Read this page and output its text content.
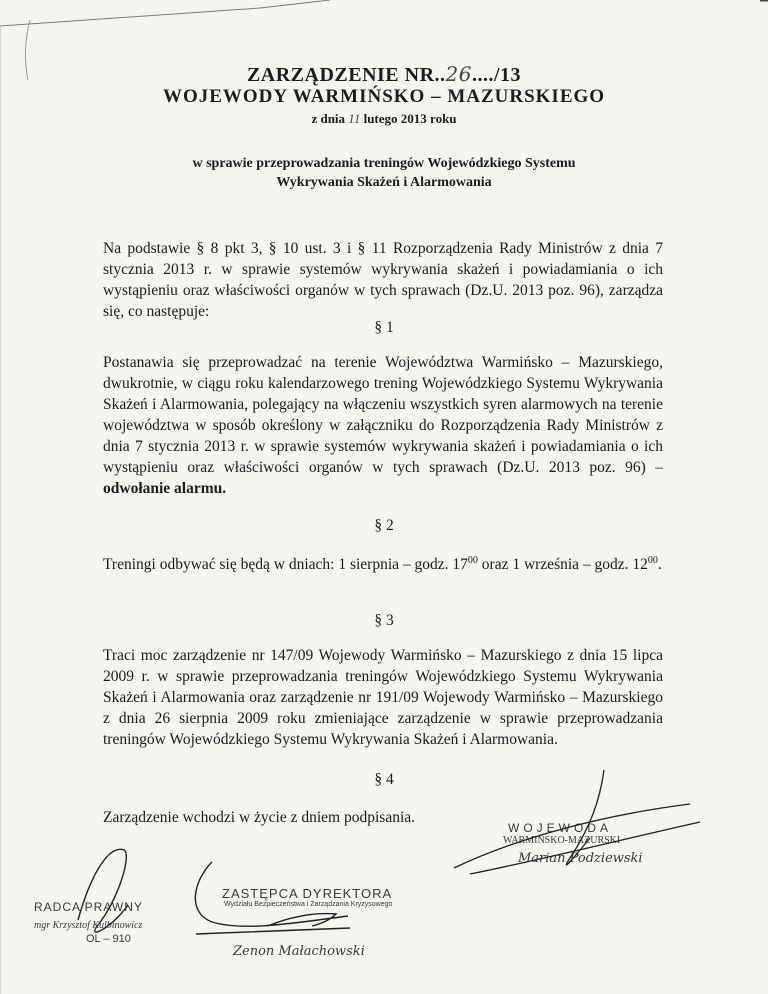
ZARZĄDZENIE NR..26..../13
WOJEWODY WARMIŃSKO – MAZURSKIEGO
z dnia 11 lutego 2013 roku
w sprawie przeprowadzania treningów Wojewódzkiego Systemu
Wykrywania Skażeń i Alarmowania
Na podstawie § 8 pkt 3, § 10 ust. 3 i § 11 Rozporządzenia Rady Ministrów z dnia 7 stycznia 2013 r. w sprawie systemów wykrywania skażeń i powiadamiania o ich wystąpieniu oraz właściwości organów w tych sprawach (Dz.U. 2013 poz. 96), zarządza się, co następuje:
§ 1
Postanawia się przeprowadzać na terenie Województwa Warmińsko – Mazurskiego, dwukrotnie, w ciągu roku kalendarzowego trening Wojewódzkiego Systemu Wykrywania Skażeń i Alarmowania, polegający na włączeniu wszystkich syren alarmowych na terenie województwa w sposób określony w załączniku do Rozporządzenia Rady Ministrów z dnia 7 stycznia 2013 r. w sprawie systemów wykrywania skażeń i powiadamiania o ich wystąpieniu oraz właściwości organów w tych sprawach (Dz.U. 2013 poz. 96) – odwołanie alarmu.
§ 2
Treningi odbywać się będą w dniach: 1 sierpnia – godz. $17^{00}$ oraz 1 września – godz. $12^{00}$.
§ 3
Traci moc zarządzenie nr 147/09 Wojewody Warmińsko – Mazurskiego z dnia 15 lipca 2009 r. w sprawie przeprowadzania treningów Wojewódzkiego Systemu Wykrywania Skażeń i Alarmowania oraz zarządzenie nr 191/09 Wojewody Warmińsko – Mazurskiego z dnia 26 sierpnia 2009 roku zmieniające zarządzenie w sprawie przeprowadzania treningów Wojewódzkiego Systemu Wykrywania Skażeń i Alarmowania.
§ 4
Zarządzenie wchodzi w życie z dniem podpisania.
RADCA PRAWNY
mgr Krzysztof Kulbinowicz
OL – 910
ZASTĘPCA DYREKTORA
Wydziału Bezpieczeństwa i Zarządzania Kryzysowego
Zenon Małachowski
WOJEWODA
WARMIŃSKO-MAZURSKI
Marian Podziewski
